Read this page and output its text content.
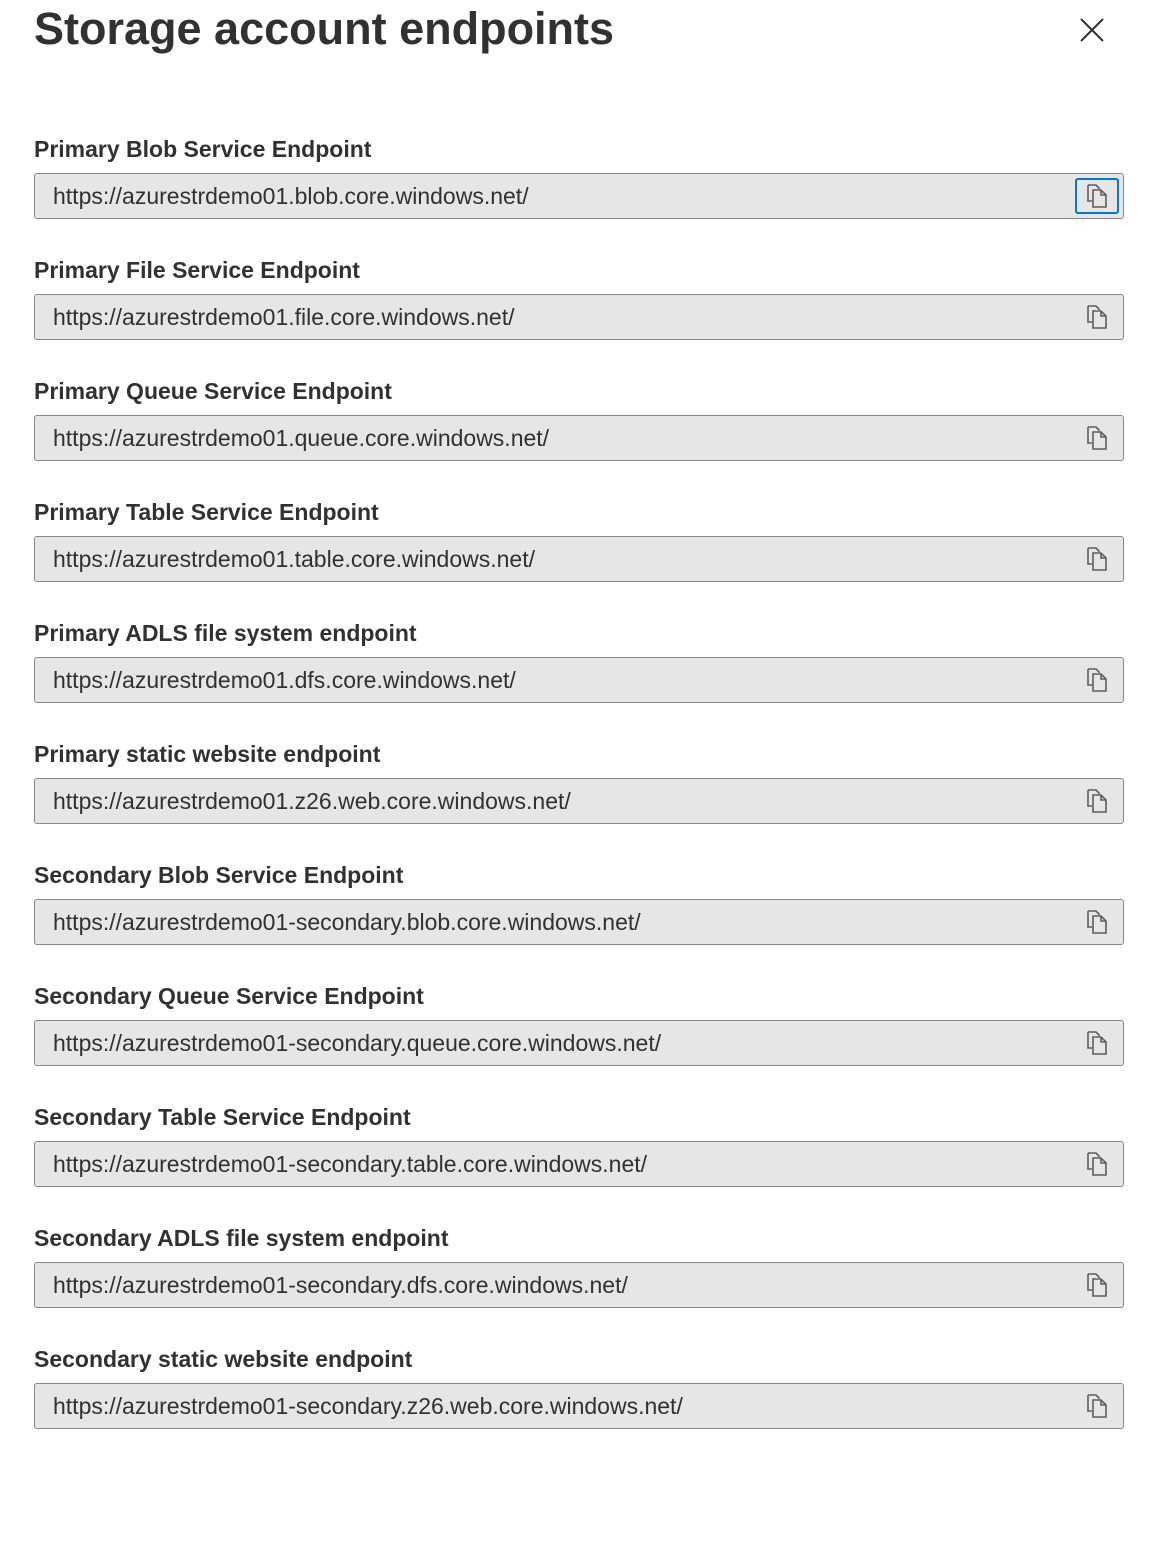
Storage account endpoints
Primary Blob Service Endpoint
https://azurestrdemo01.blob.core.windows.net/
Primary File Service Endpoint
https://azurestrdemo01.file.core.windows.net/
Primary Queue Service Endpoint
https://azurestrdemo01.queue.core.windows.net/
Primary Table Service Endpoint
https://azurestrdemo01.table.core.windows.net/
Primary ADLS file system endpoint
https://azurestrdemo01.dfs.core.windows.net/
Primary static website endpoint
https://azurestrdemo01.z26.web.core.windows.net/
Secondary Blob Service Endpoint
https://azurestrdemo01-secondary.blob.core.windows.net/
Secondary Queue Service Endpoint
https://azurestrdemo01-secondary.queue.core.windows.net/
Secondary Table Service Endpoint
https://azurestrdemo01-secondary.table.core.windows.net/
Secondary ADLS file system endpoint
https://azurestrdemo01-secondary.dfs.core.windows.net/
Secondary static website endpoint
https://azurestrdemo01-secondary.z26.web.core.windows.net/
